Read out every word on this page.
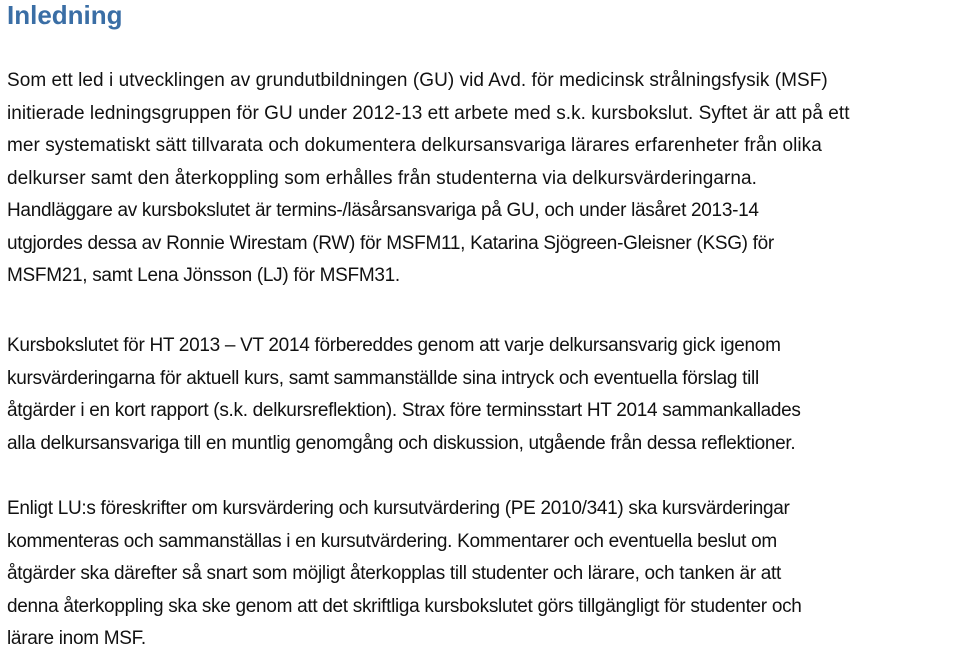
Inledning
Som ett led i utvecklingen av grundutbildningen (GU) vid Avd. för medicinsk strålningsfysik (MSF)
initierade ledningsgruppen för GU under 2012-13 ett arbete med s.k. kursbokslut. Syftet är att på ett
mer systematiskt sätt tillvarata och dokumentera delkursansvariga lärares erfarenheter från olika
delkurser samt den återkoppling som erhålles från studenterna via delkursvärderingarna.
Handläggare av kursbokslutet är termins-/läsårsansvariga på GU, och under läsåret 2013-14
utgjordes dessa av Ronnie Wirestam (RW) för MSFM11, Katarina Sjögreen-Gleisner (KSG) för
MSFM21, samt Lena Jönsson (LJ) för MSFM31.
Kursbokslutet för HT 2013 – VT 2014 förbereddes genom att varje delkursansvarig gick igenom
kursvärderingarna för aktuell kurs, samt sammanställde sina intryck och eventuella förslag till
åtgärder i en kort rapport (s.k. delkursreflektion). Strax före terminsstart HT 2014 sammankallades
alla delkursansvariga till en muntlig genomgång och diskussion, utgående från dessa reflektioner.
Enligt LU:s föreskrifter om kursvärdering och kursutvärdering (PE 2010/341) ska kursvärderingar
kommenteras och sammanställas i en kursutvärdering. Kommentarer och eventuella beslut om
åtgärder ska därefter så snart som möjligt återkopplas till studenter och lärare, och tanken är att
denna återkoppling ska ske genom att det skriftliga kursbokslutet görs tillgängligt för studenter och
lärare inom MSF.
